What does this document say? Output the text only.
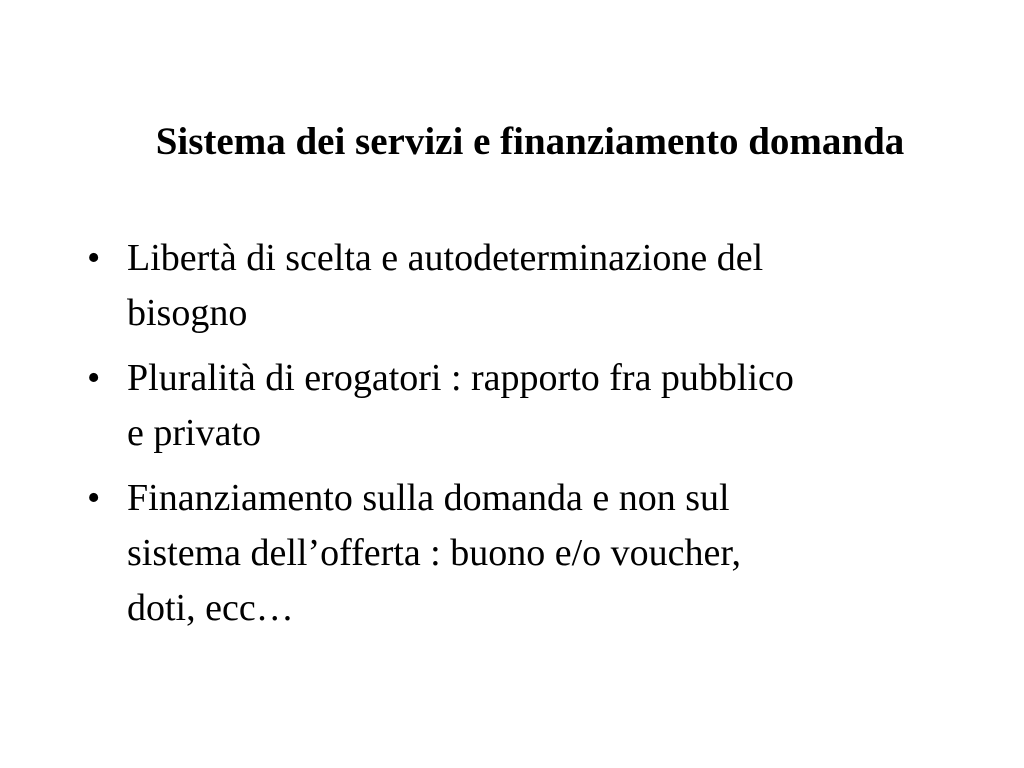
Sistema dei servizi e finanziamento domanda
• Libertà di scelta e autodeterminazione del
bisogno
• Pluralità di erogatori : rapporto fra pubblico
e privato
• Finanziamento sulla domanda e non sul
sistema dell’offerta : buono e/o voucher,
doti, ecc…
